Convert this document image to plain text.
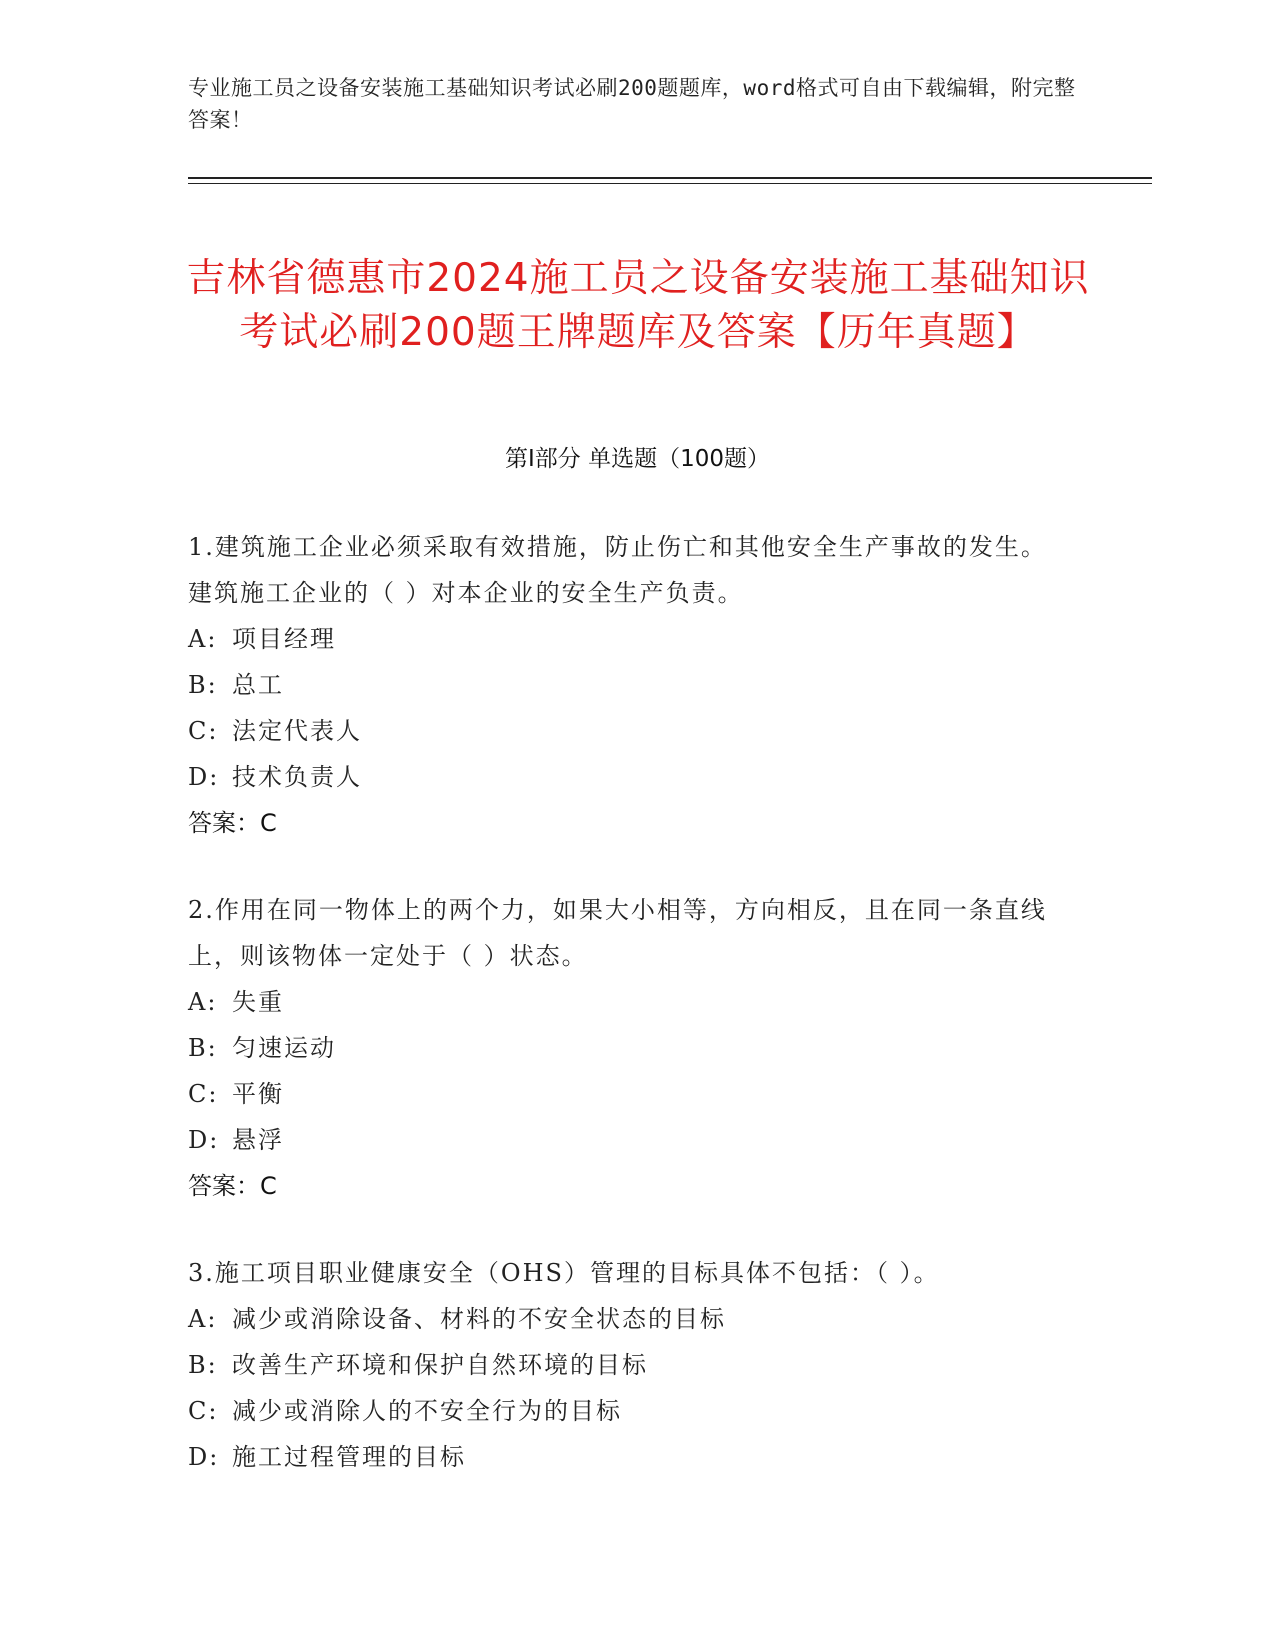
专业施工员之设备安装施工基础知识考试必刷200题题库，word格式可自由下载编辑，附完整答案！
吉林省德惠市2024施工员之设备安装施工基础知识考试必刷200题王牌题库及答案【历年真题】
第Ⅰ部分 单选题（100题）

1.建筑施工企业必须采取有效措施，防止伤亡和其他安全生产事故的发生。建筑施工企业的（ ）对本企业的安全生产负责。

A: 项目经理

B: 总工

C: 法定代表人

D: 技术负责人

答案：C

2.作用在同一物体上的两个力，如果大小相等，方向相反，且在同一条直线上，则该物体一定处于（ ）状态。

A: 失重

B: 匀速运动

C: 平衡

D: 悬浮

答案：C

3.施工项目职业健康安全（OHS）管理的目标具体不包括：（ ）。

A: 减少或消除设备、材料的不安全状态的目标

B: 改善生产环境和保护自然环境的目标

C: 减少或消除人的不安全行为的目标

D: 施工过程管理的目标
